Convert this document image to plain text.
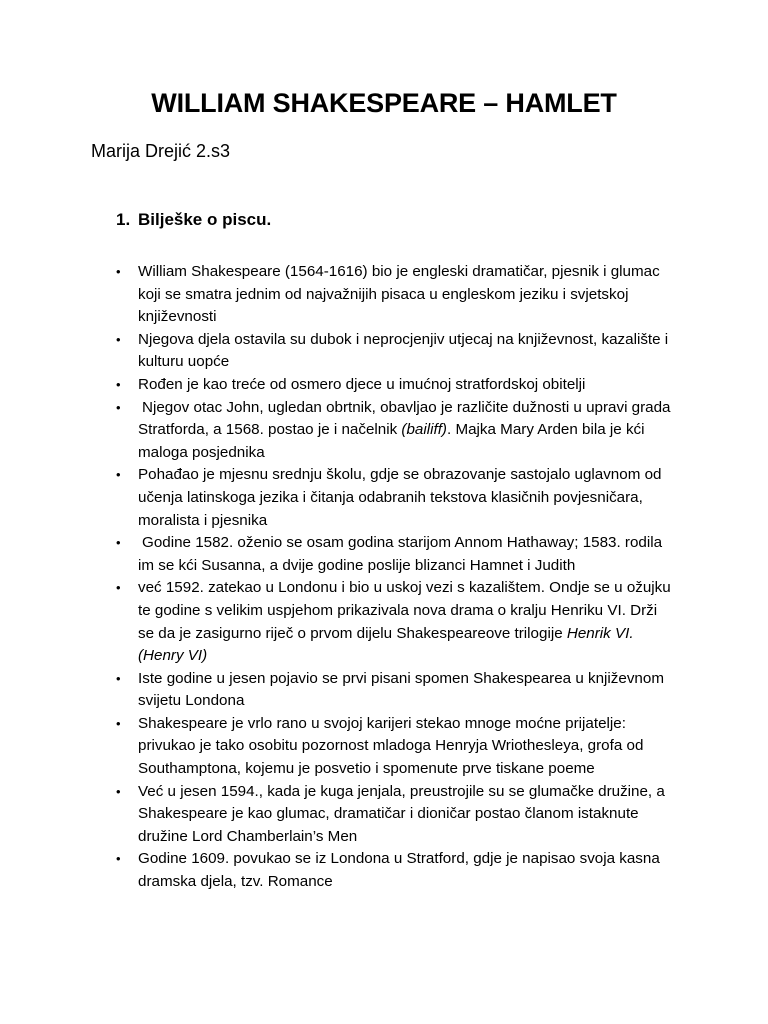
WILLIAM SHAKESPEARE – HAMLET

Marija Drejić 2.s3

1. Bilješke o piscu.
• William Shakespeare (1564-1616) bio je engleski dramatičar, pjesnik i glumac koji se smatra jednim od najvažnijih pisaca u engleskom jeziku i svjetskoj književnosti
• Njegova djela ostavila su dubok i neprocjenjiv utjecaj na književnost, kazalište i kulturu uopće
• Rođen je kao treće od osmero djece u imućnoj stratfordskoj obitelji
• Njegov otac John, ugledan obrtnik, obavljao je različite dužnosti u upravi grada Stratforda, a 1568. postao je i načelnik (bailiff). Majka Mary Arden bila je kći maloga posjednika
• Pohađao je mjesnu srednju školu, gdje se obrazovanje sastojalo uglavnom od učenja latinskoga jezika i čitanja odabranih tekstova klasičnih povjesničara, moralista i pjesnika
• Godine 1582. oženio se osam godina starijom Annom Hathaway; 1583. rodila im se kći Susanna, a dvije godine poslije blizanci Hamnet i Judith
• već 1592. zatekao u Londonu i bio u uskoj vezi s kazalištem. Ondje se u ožujku te godine s velikim uspjehom prikazivala nova drama o kralju Henriku VI. Drži se da je zasigurno riječ o prvom dijelu Shakespeareove trilogije Henrik VI. (Henry VI)
• Iste godine u jesen pojavio se prvi pisani spomen Shakespearea u književnom svijetu Londona
• Shakespeare je vrlo rano u svojoj karijeri stekao mnoge moćne prijatelje: privukao je tako osobitu pozornost mladoga Henryja Wriothesleya, grofa od Southamptona, kojemu je posvetio i spomenute prve tiskane poeme
• Već u jesen 1594., kada je kuga jenjala, preustrojile su se glumačke družine, a Shakespeare je kao glumac, dramatičar i dioničar postao članom istaknute družine Lord Chamberlain’s Men
• Godine 1609. povukao se iz Londona u Stratford, gdje je napisao svoja kasna dramska djela, tzv. Romance
